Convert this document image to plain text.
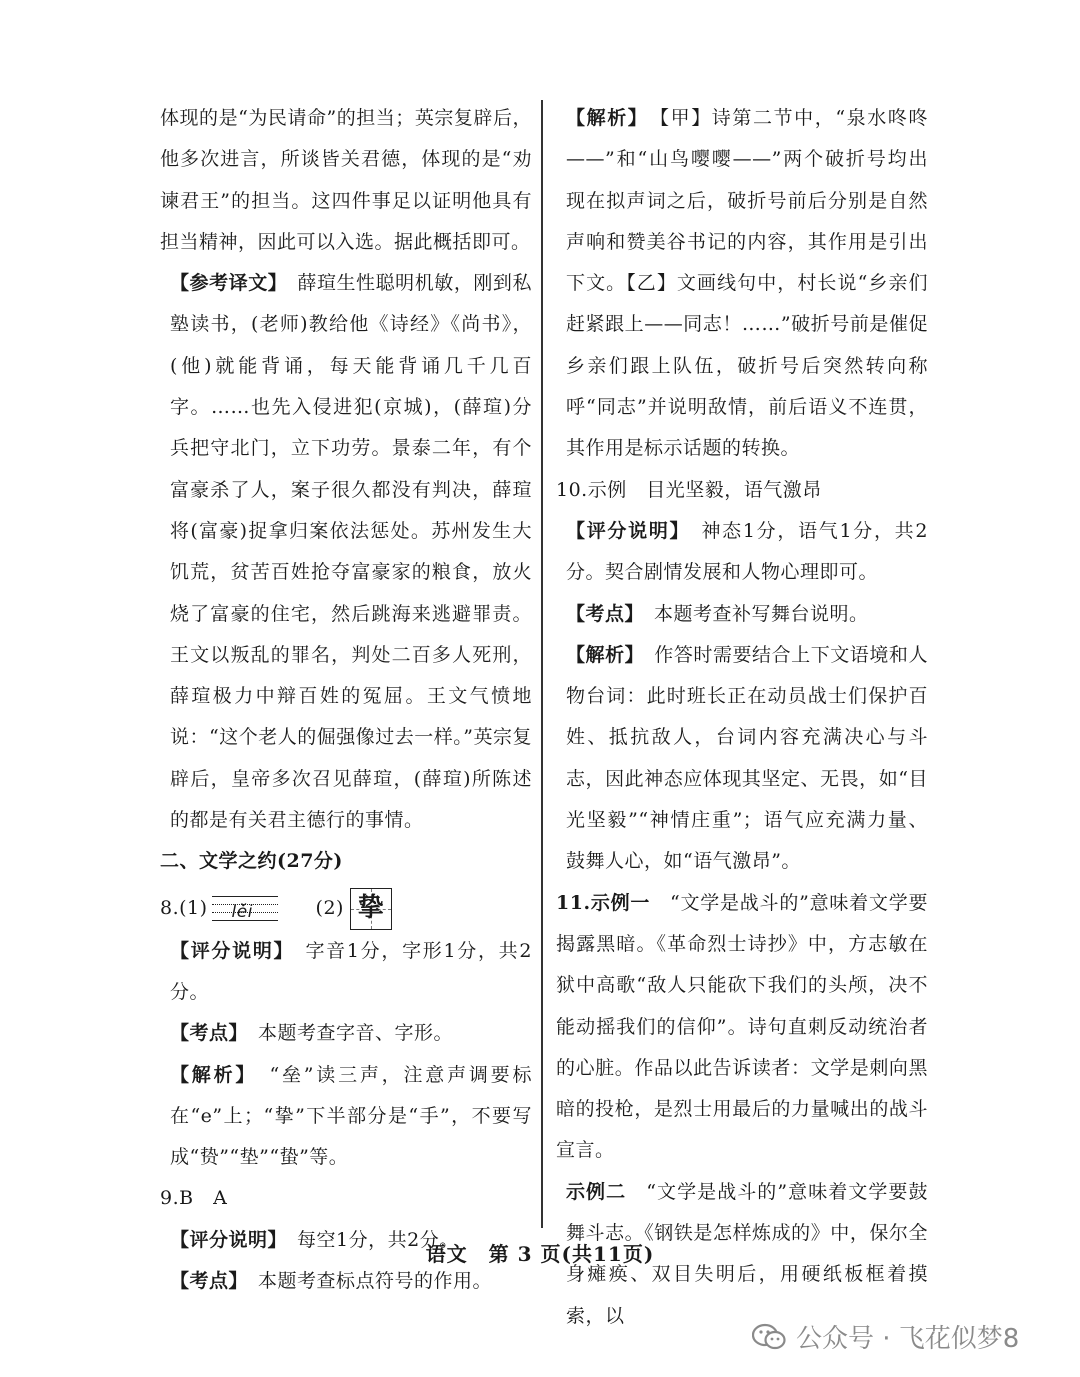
体现的是“为民请命”的担当；英宗复辟后，他多次进言，所谈皆关君德，体现的是“劝谏君王”的担当。这四件事足以证明他具有担当精神，因此可以入选。据此概括即可。

【参考译文】　 薛瑄生性聪明机敏，刚到私塾读书，(老师)教给他《诗经》《尚书》，(他)就能背诵，每天能背诵几千几百字。……也先入侵进犯(京城)，(薛瑄)分兵把守北门，立下功劳。景泰二年，有个富豪杀了人，案子很久都没有判决，薛瑄将(富豪)捉拿归案依法惩处。苏州发生大饥荒，贫苦百姓抢夺富豪家的粮食，放火烧了富豪的住宅，然后跳海来逃避罪责。王文以叛乱的罪名，判处二百多人死刑，薛瑄极力中辩百姓的冤屈。王文气愤地说：“这个老人的倔强像过去一样。”英宗复辟后，皇帝多次召见薛瑄，(薛瑄)所陈述的都是有关君主德行的事情。

二、文学之约(27分)

8.(1) lěi	(2) 挚

【评分说明】　 字音1分，字形1分，共2分。

【考点】　 本题考查字音、字形。

【解析】　 “垒”读三声，注意声调要标在“e”上；“挚”下半部分是“手”，不要写成“贽”“垫”“蛰”等。

9.B　A

【评分说明】　 每空1分，共2分。

【考点】　 本题考查标点符号的作用。

【解析】　 【甲】诗第二节中，“泉水咚咚——”和“山鸟嘤嘤——”两个破折号均出现在拟声词之后，破折号前后分别是自然声响和赞美谷书记的内容，其作用是引出下文。【乙】文画线句中，村长说“乡亲们赶紧跟上——同志！……”破折号前是催促乡亲们跟上队伍，破折号后突然转向称呼“同志”并说明敌情，前后语义不连贯，其作用是标示话题的转换。

10.示例　目光坚毅，语气激昂

【评分说明】　 神态1分，语气1分，共2分。契合剧情发展和人物心理即可。

【考点】　 本题考查补写舞台说明。

【解析】　 作答时需要结合上下文语境和人物台词：此时班长正在动员战士们保护百姓、抵抗敌人，台词内容充满决心与斗志，因此神态应体现其坚定、无畏，如“目光坚毅”“神情庄重”；语气应充满力量、鼓舞人心，如“语气激昂”。

11.示例一　 “文学是战斗的”意味着文学要揭露黑暗。《革命烈士诗抄》中，方志敏在狱中高歌“敌人只能砍下我们的头颅，决不能动摇我们的信仰”。诗句直刺反动统治者的心脏。作品以此告诉读者：文学是刺向黑暗的投枪，是烈士用最后的力量喊出的战斗宣言。

示例二　 “文学是战斗的”意味着文学要鼓舞斗志。《钢铁是怎样炼成的》中，保尔全身瘫痪、双目失明后，用硬纸板框着摸索，以

语文　第 3 页(共11页)
公众号 · 飞花似梦8
